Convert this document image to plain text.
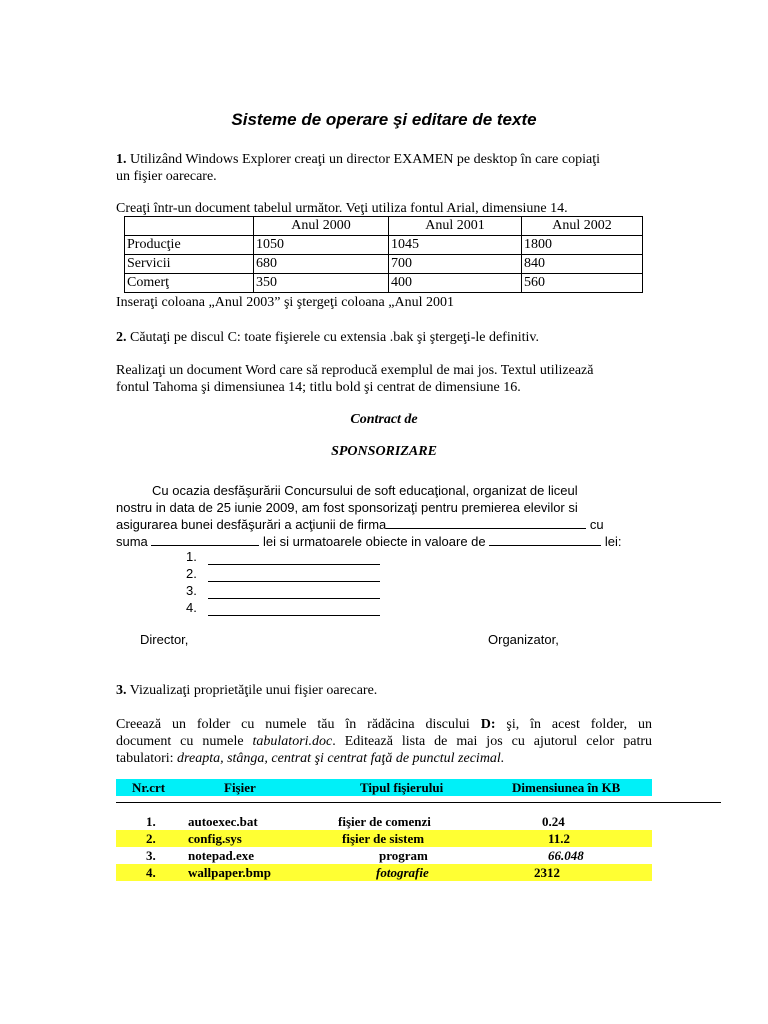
Sisteme de operare şi editare de texte
1. Utilizând Windows Explorer creaţi un director EXAMEN pe desktop în care copiaţi
un fişier oarecare.
Creaţi într-un document tabelul următor. Veţi utiliza fontul Arial, dimensiune 14.
	Anul 2000	Anul 2001	Anul 2002
Producţie	1050	1045	1800
Servicii	680	700	840
Comerţ	350	400	560
Inseraţi coloana „Anul 2003” şi ştergeţi coloana „Anul 2001
2. Căutaţi pe discul C: toate fişierele cu extensia .bak şi ştergeţi-le definitiv.
Realizaţi un document Word care să reproducă exemplul de mai jos. Textul utilizează
fontul Tahoma şi dimensiunea 14; titlu bold şi centrat de dimensiune 16.
Contract de
SPONSORIZARE
Cu ocazia desfăşurării Concursului de soft educaţional, organizat de liceul
nostru in data de 25 iunie 2009, am fost sponsorizaţi pentru premierea elevilor si
asigurarea bunei desfăşurări a acţiunii de firma	cu
suma	lei si urmatoarele obiecte in valoare de	lei:
1.
2.
3.
4.
Director,	Organizator,
3. Vizualizaţi proprietăţile unui fişier oarecare.
Creează un folder cu numele tău în rădăcina discului D: şi, în acest folder, un
document cu numele tabulatori.doc. Editează lista de mai jos cu ajutorul celor patru
tabulatori: dreapta, stânga, centrat şi centrat faţă de punctul zecimal.
Nr.crt	Fişier	Tipul fişierului	Dimensiunea în KB
1. autoexec.bat	fişier de comenzi	0.24
2. config.sys	fişier de sistem	11.2
3. notepad.exe	program	66.048
4. wallpaper.bmp	fotografie	2312
